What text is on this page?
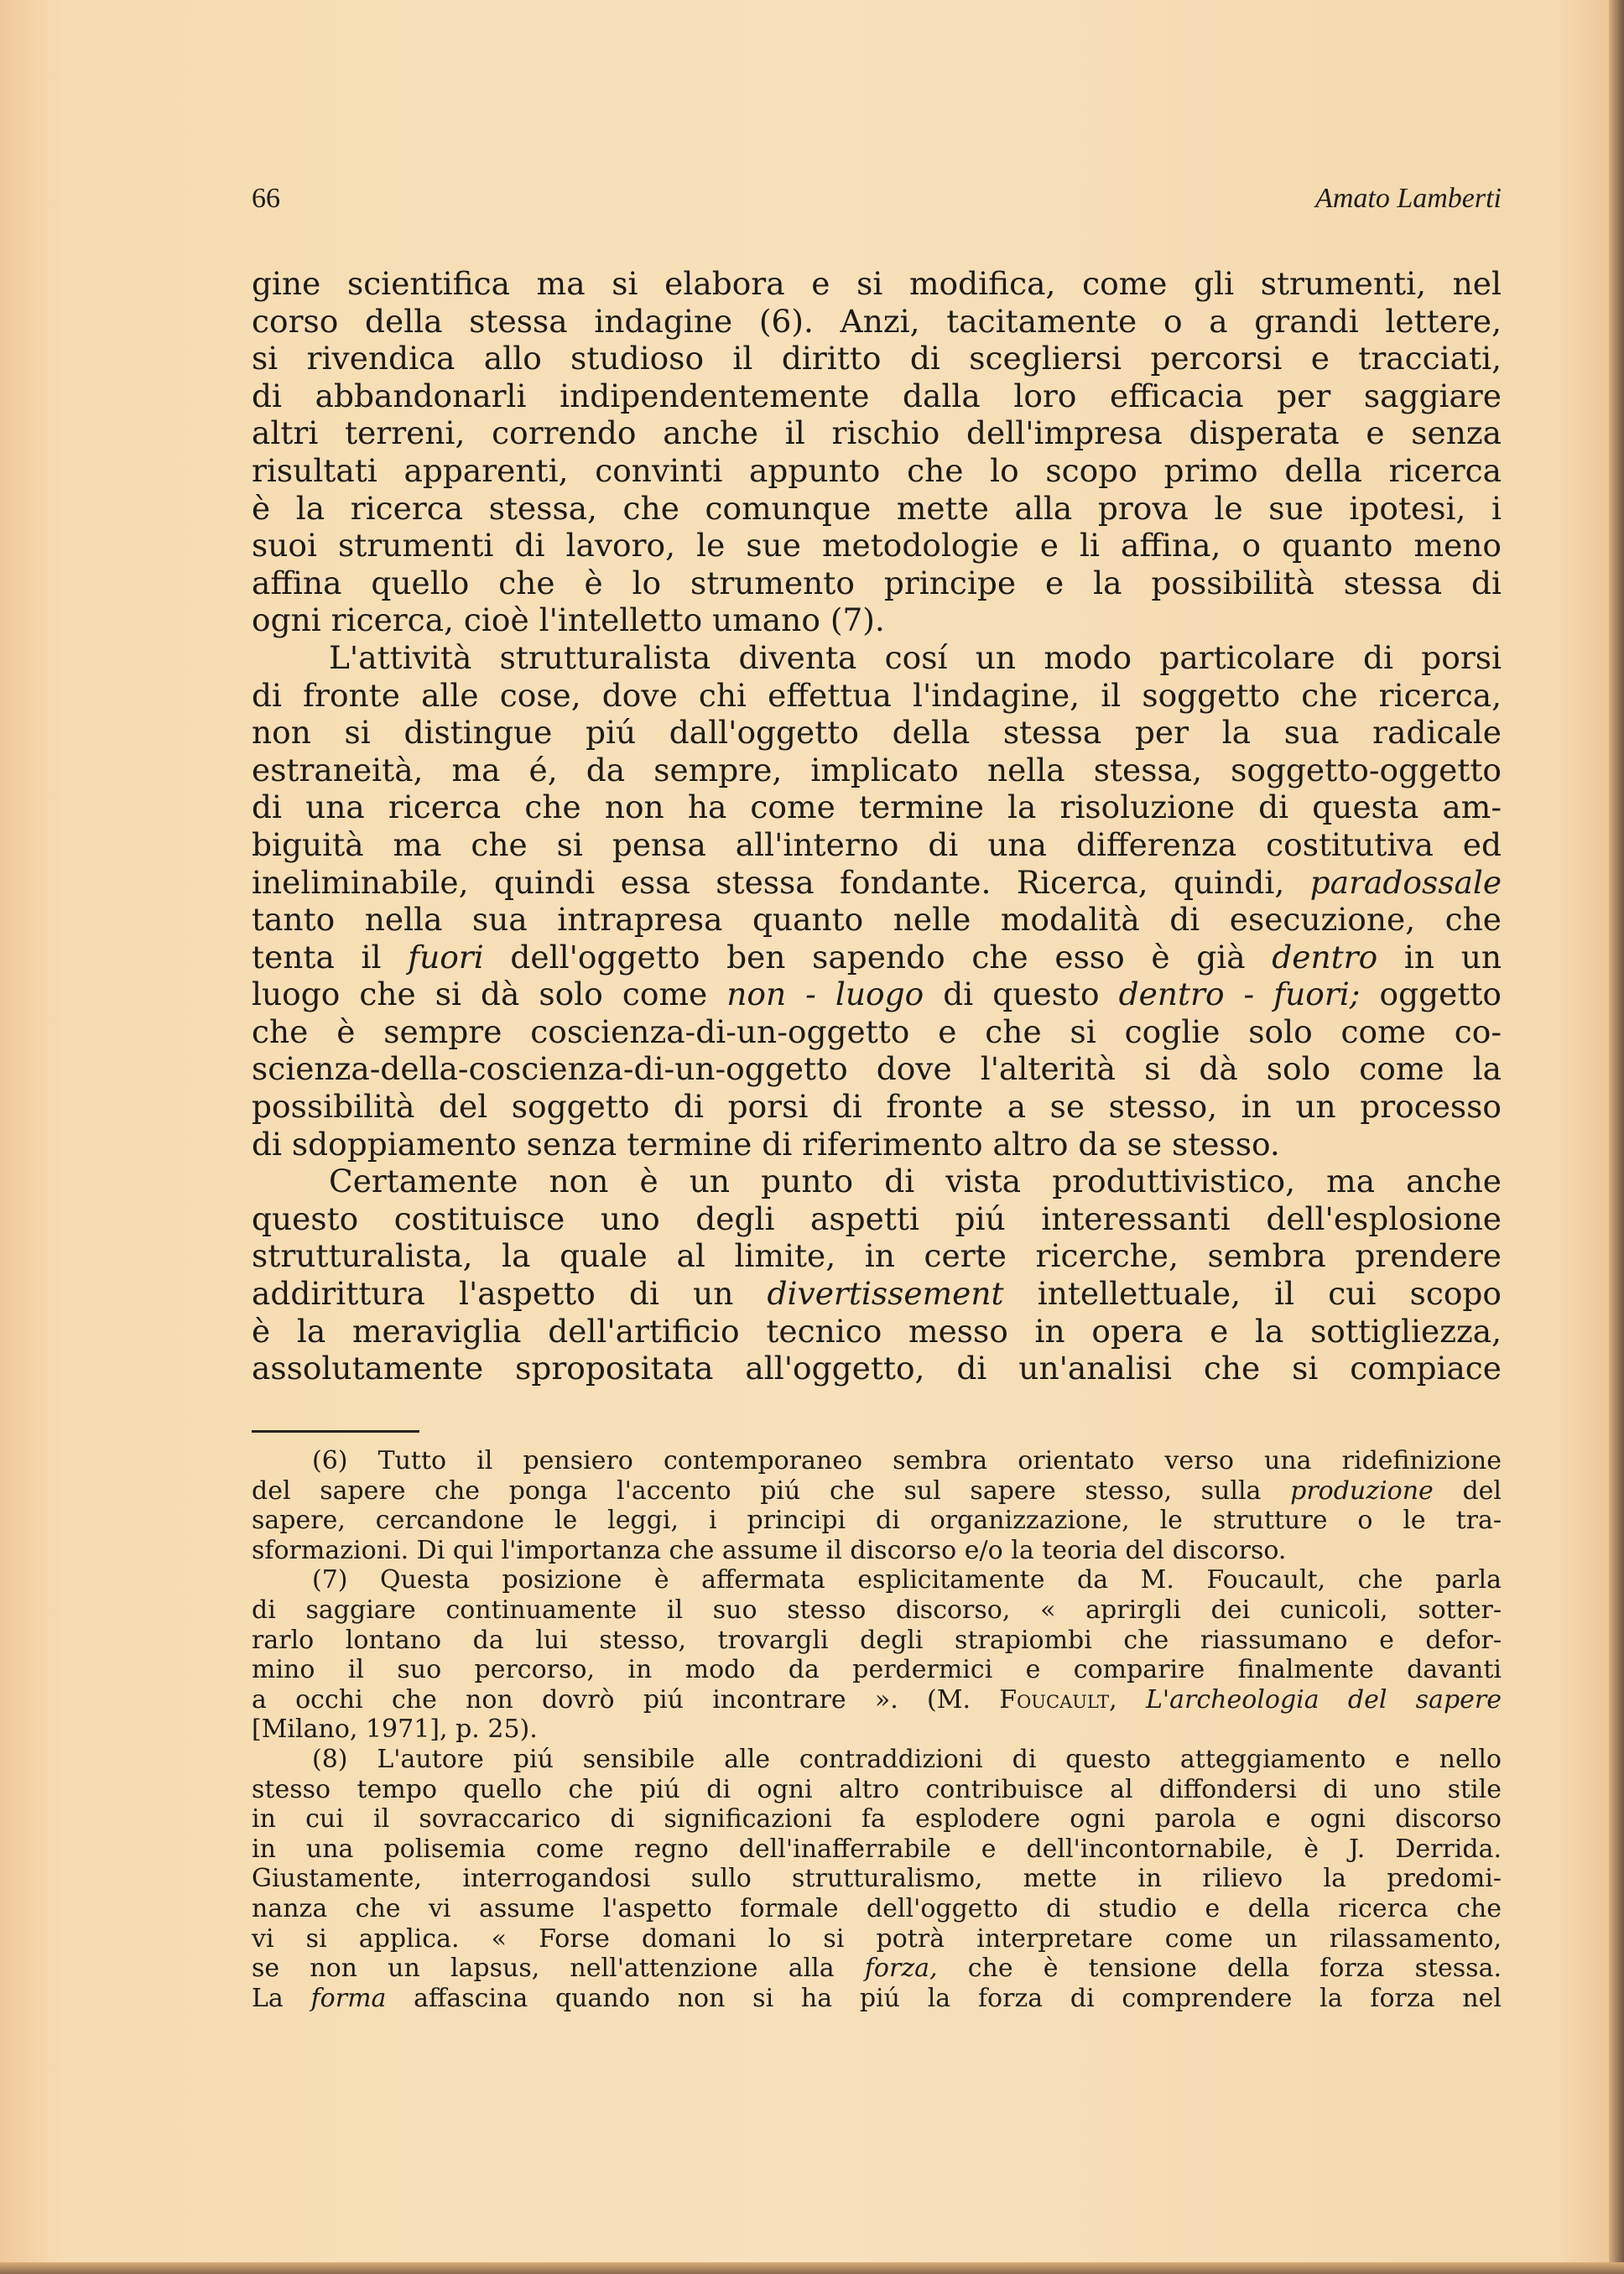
66	Amato Lamberti
gine scientifica ma si elabora e si modifica, come gli strumenti, nel
corso della stessa indagine (6). Anzi, tacitamente o a grandi lettere,
si rivendica allo studioso il diritto di scegliersi percorsi e tracciati,
di abbandonarli indipendentemente dalla loro efficacia per saggiare
altri terreni, correndo anche il rischio dell'impresa disperata e senza
risultati apparenti, convinti appunto che lo scopo primo della ricerca
è la ricerca stessa, che comunque mette alla prova le sue ipotesi, i
suoi strumenti di lavoro, le sue metodologie e li affina, o quanto meno
affina quello che è lo strumento principe e la possibilità stessa di
ogni ricerca, cioè l'intelletto umano (7).
L'attività strutturalista diventa cosí un modo particolare di porsi
di fronte alle cose, dove chi effettua l'indagine, il soggetto che ricerca,
non si distingue piú dall'oggetto della stessa per la sua radicale
estraneità, ma é, da sempre, implicato nella stessa, soggetto-oggetto
di una ricerca che non ha come termine la risoluzione di questa am-
biguità ma che si pensa all'interno di una differenza costitutiva ed
ineliminabile, quindi essa stessa fondante. Ricerca, quindi, paradossale
tanto nella sua intrapresa quanto nelle modalità di esecuzione, che
tenta il fuori dell'oggetto ben sapendo che esso è già dentro in un
luogo che si dà solo come non - luogo di questo dentro - fuori; oggetto
che è sempre coscienza-di-un-oggetto e che si coglie solo come co-
scienza-della-coscienza-di-un-oggetto dove l'alterità si dà solo come la
possibilità del soggetto di porsi di fronte a se stesso, in un processo
di sdoppiamento senza termine di riferimento altro da se stesso.
Certamente non è un punto di vista produttivistico, ma anche
questo costituisce uno degli aspetti piú interessanti dell'esplosione
strutturalista, la quale al limite, in certe ricerche, sembra prendere
addirittura l'aspetto di un divertissement intellettuale, il cui scopo
è la meraviglia dell'artificio tecnico messo in opera e la sottigliezza,
assolutamente spropositata all'oggetto, di un'analisi che si compiace
(6) Tutto il pensiero contemporaneo sembra orientato verso una ridefinizione
del sapere che ponga l'accento piú che sul sapere stesso, sulla produzione del
sapere, cercandone le leggi, i principi di organizzazione, le strutture o le tra-
sformazioni. Di qui l'importanza che assume il discorso e/o la teoria del discorso.
(7) Questa posizione è affermata esplicitamente da M. Foucault, che parla
di saggiare continuamente il suo stesso discorso, « aprirgli dei cunicoli, sotter-
rarlo lontano da lui stesso, trovargli degli strapiombi che riassumano e defor-
mino il suo percorso, in modo da perdermici e comparire finalmente davanti
a occhi che non dovrò piú incontrare ». (M. Foucault, L'archeologia del sapere
[Milano, 1971], p. 25).
(8) L'autore piú sensibile alle contraddizioni di questo atteggiamento e nello
stesso tempo quello che piú di ogni altro contribuisce al diffondersi di uno stile
in cui il sovraccarico di significazioni fa esplodere ogni parola e ogni discorso
in una polisemia come regno dell'inafferrabile e dell'incontornabile, è J. Derrida.
Giustamente, interrogandosi sullo strutturalismo, mette in rilievo la predomi-
nanza che vi assume l'aspetto formale dell'oggetto di studio e della ricerca che
vi si applica. « Forse domani lo si potrà interpretare come un rilassamento,
se non un lapsus, nell'attenzione alla forza, che è tensione della forza stessa.
La forma affascina quando non si ha piú la forza di comprendere la forza nel
